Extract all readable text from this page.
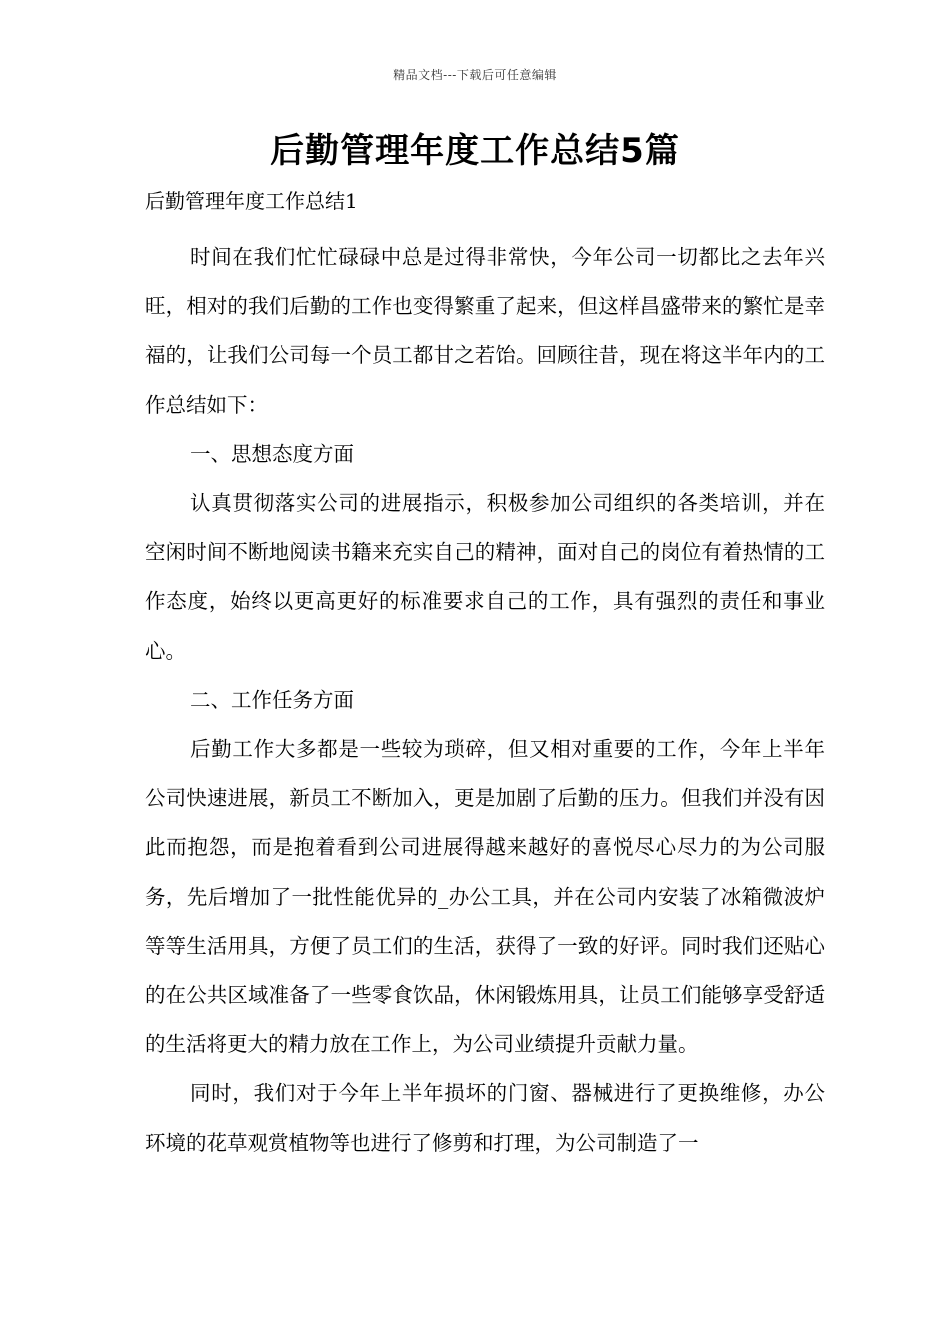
精品文档---下载后可任意编辑
后勤管理年度工作总结5篇

后勤管理年度工作总结1

时间在我们忙忙碌碌中总是过得非常快，今年公司一切都比之去年兴旺，相对的我们后勤的工作也变得繁重了起来，但这样昌盛带来的繁忙是幸福的，让我们公司每一个员工都甘之若饴。回顾往昔，现在将这半年内的工作总结如下：

一、思想态度方面

认真贯彻落实公司的进展指示，积极参加公司组织的各类培训，并在空闲时间不断地阅读书籍来充实自己的精神，面对自己的岗位有着热情的工作态度，始终以更高更好的标准要求自己的工作，具有强烈的责任和事业心。

二、工作任务方面

后勤工作大多都是一些较为琐碎，但又相对重要的工作，今年上半年公司快速进展，新员工不断加入，更是加剧了后勤的压力。但我们并没有因此而抱怨，而是抱着看到公司进展得越来越好的喜悦尽心尽力的为公司服务，先后增加了一批性能优异的_办公工具，并在公司内安装了冰箱微波炉等等生活用具，方便了员工们的生活，获得了一致的好评。同时我们还贴心的在公共区域准备了一些零食饮品，休闲锻炼用具，让员工们能够享受舒适的生活将更大的精力放在工作上，为公司业绩提升贡献力量。

同时，我们对于今年上半年损坏的门窗、器械进行了更换维修，办公环境的花草观赏植物等也进行了修剪和打理，为公司制造了一
